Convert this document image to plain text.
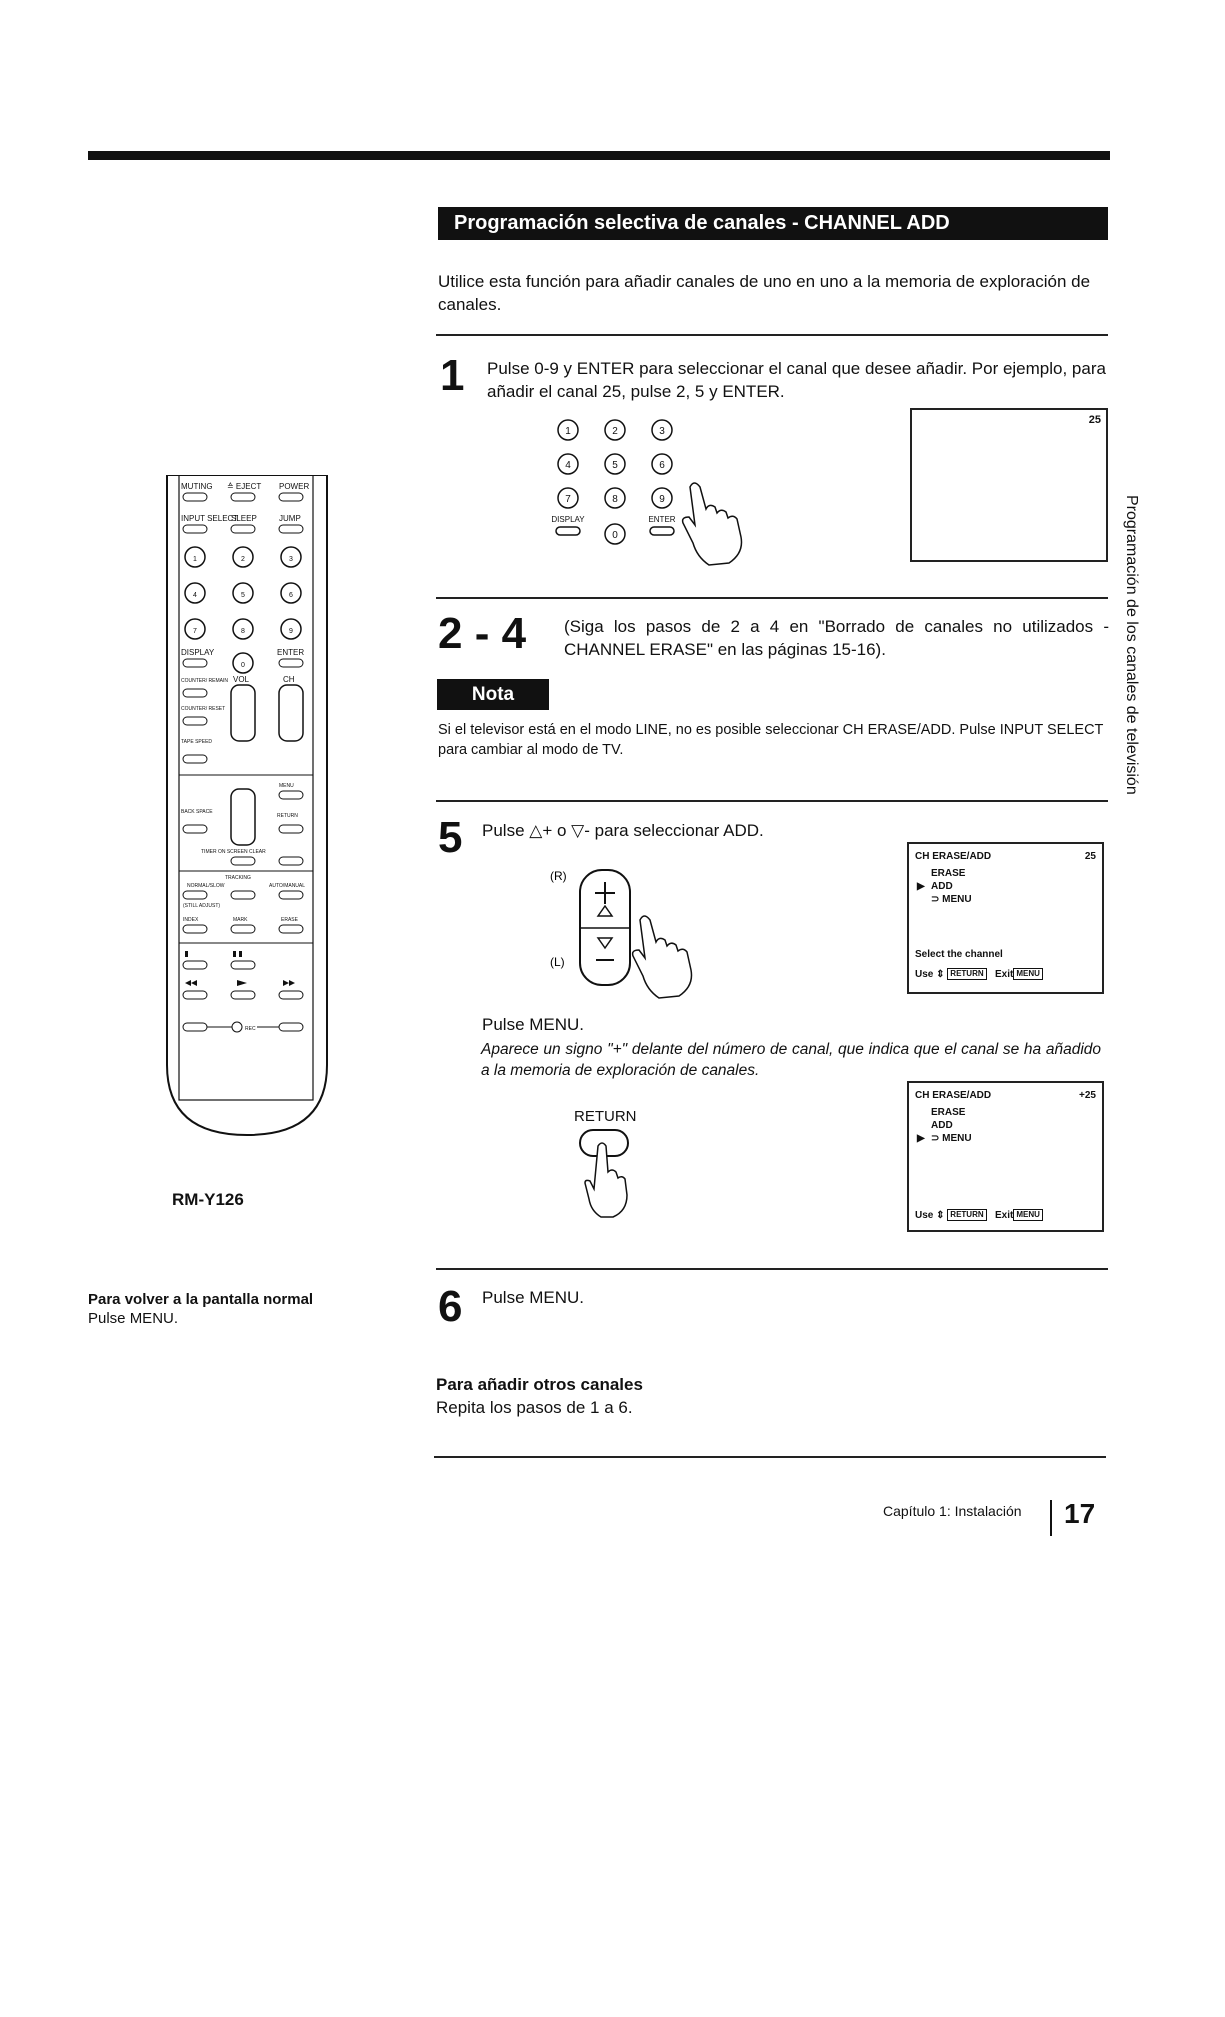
Programación selectiva de canales - CHANNEL ADD
Utilice esta función para añadir canales de uno en uno a la memoria de exploración de canales.
1 Pulse 0-9 y ENTER para seleccionar el canal que desee añadir. Por ejemplo, para añadir el canal 25, pulse 2, 5 y ENTER.
1	2	3
4	5	6
7	8	9
DISPLAY	ENTER
0
25
2 - 4 (Siga los pasos de 2 a 4 en "Borrado de canales no utilizados - CHANNEL ERASE" en las páginas 15-16).
Nota
Si el televisor está en el modo LINE, no es posible seleccionar CH ERASE/ADD. Pulse INPUT SELECT para cambiar al modo de TV.
5 Pulse △+ o ▽- para seleccionar ADD.
(R)
(L)
CH ERASE/ADD	25
▶
ERASE
ADD
⊃ MENU
Select the channel
Use ⇕ RETURN Exit MENU
Pulse MENU.
Aparece un signo "+" delante del número de canal, que indica que el canal se ha añadido a la memoria de exploración de canales.
RETURN
CH ERASE/ADD	+25
ERASE
ADD
▶ ⊃ MENU
Use ⇕ RETURN Exit MENU
6 Pulse MENU.
Para añadir otros canales
Repita los pasos de 1 a 6.
MUTING ≙ EJECT POWER
INPUT SELECT
SLEEP	JUMP
1	2	3
4	5	6
7	8	9
DISPLAY	ENTER
0
COUNTER/ REMAIN VOL	CH
COUNTER/ RESET
TAPE SPEED
MENU
BACK SPACE
RETURN
TIMER ON SCREEN CLEAR
TRACKING
NORMAL/SLOW	AUTO/MANUAL
(STILL ADJUST)
INDEX	MARK	ERASE
REC
RM-Y126
Para volver a la pantalla normal
Pulse MENU.
Programación de los canales de televisión
Capítulo 1: Instalación 17
